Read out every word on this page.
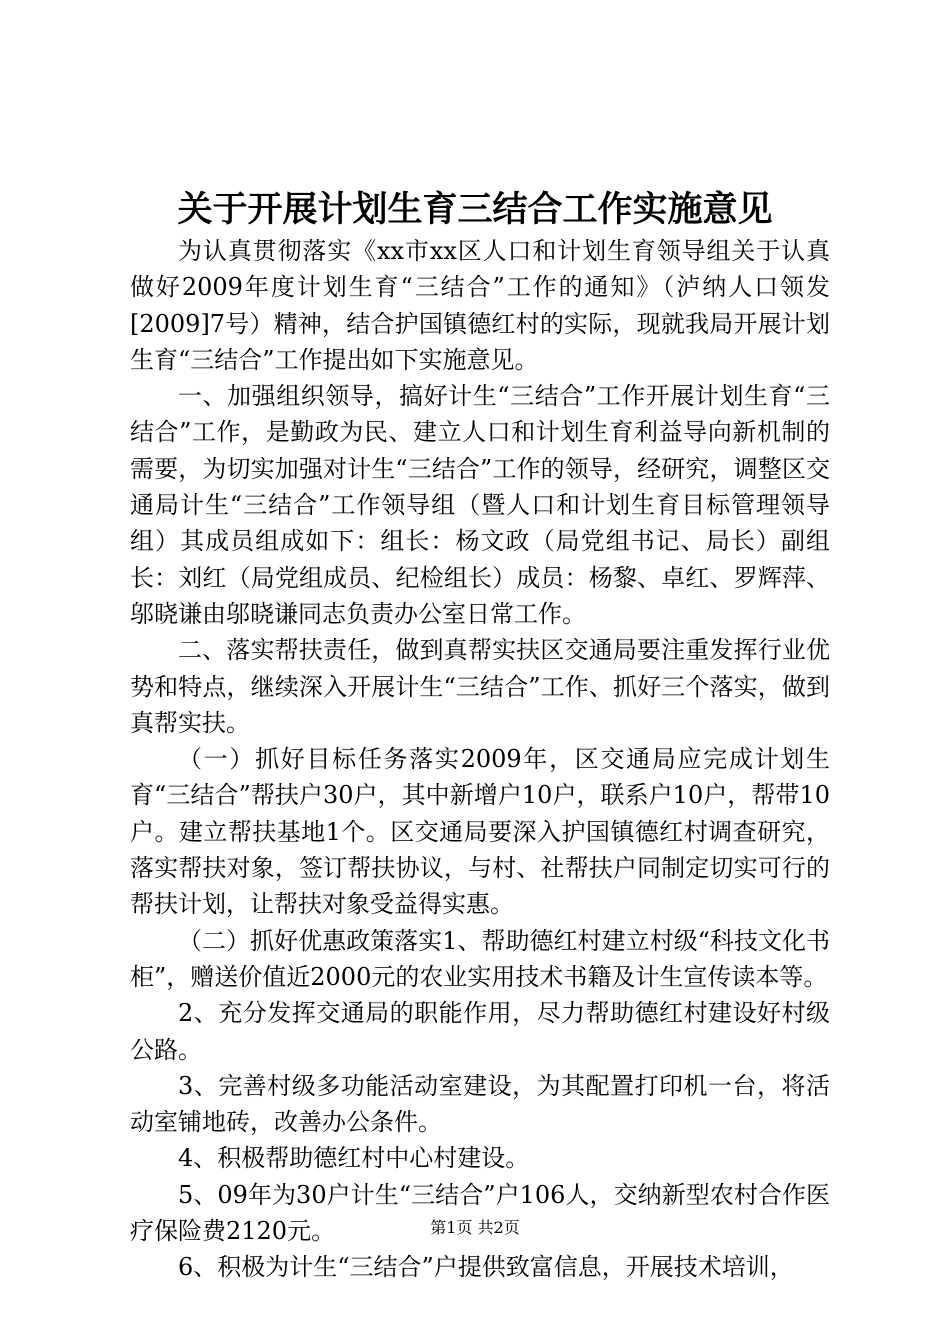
关于开展计划生育三结合工作实施意见

为认真贯彻落实《xx市xx区人口和计划生育领导组关于认真做好2009年度计划生育“三结合”工作的通知》（泸纳人口领发[2009]7号）精神，结合护国镇德红村的实际，现就我局开展计划生育“三结合”工作提出如下实施意见。

一、加强组织领导，搞好计生“三结合”工作开展计划生育“三结合”工作，是勤政为民、建立人口和计划生育利益导向新机制的需要，为切实加强对计生“三结合”工作的领导，经研究，调整区交通局计生“三结合”工作领导组（暨人口和计划生育目标管理领导组）其成员组成如下：组长：杨文政（局党组书记、局长）副组长：刘红（局党组成员、纪检组长）成员：杨黎、卓红、罗辉萍、邬晓谦由邬晓谦同志负责办公室日常工作。

二、落实帮扶责任，做到真帮实扶区交通局要注重发挥行业优势和特点，继续深入开展计生“三结合”工作、抓好三个落实，做到真帮实扶。

（一）抓好目标任务落实2009年，区交通局应完成计划生育“三结合”帮扶户30户，其中新增户10户，联系户10户，帮带10户。建立帮扶基地1个。区交通局要深入护国镇德红村调查研究，落实帮扶对象，签订帮扶协议，与村、社帮扶户同制定切实可行的帮扶计划，让帮扶对象受益得实惠。

（二）抓好优惠政策落实1、帮助德红村建立村级“科技文化书柜”，赠送价值近2000元的农业实用技术书籍及计生宣传读本等。

2、充分发挥交通局的职能作用，尽力帮助德红村建设好村级公路。

3、完善村级多功能活动室建设，为其配置打印机一台，将活动室铺地砖，改善办公条件。

4、积极帮助德红村中心村建设。

5、09年为30户计生“三结合”户106人，交纳新型农村合作医疗保险费2120元。

6、积极为计生“三结合”户提供致富信息，开展技术培训，

第1页 共2页
